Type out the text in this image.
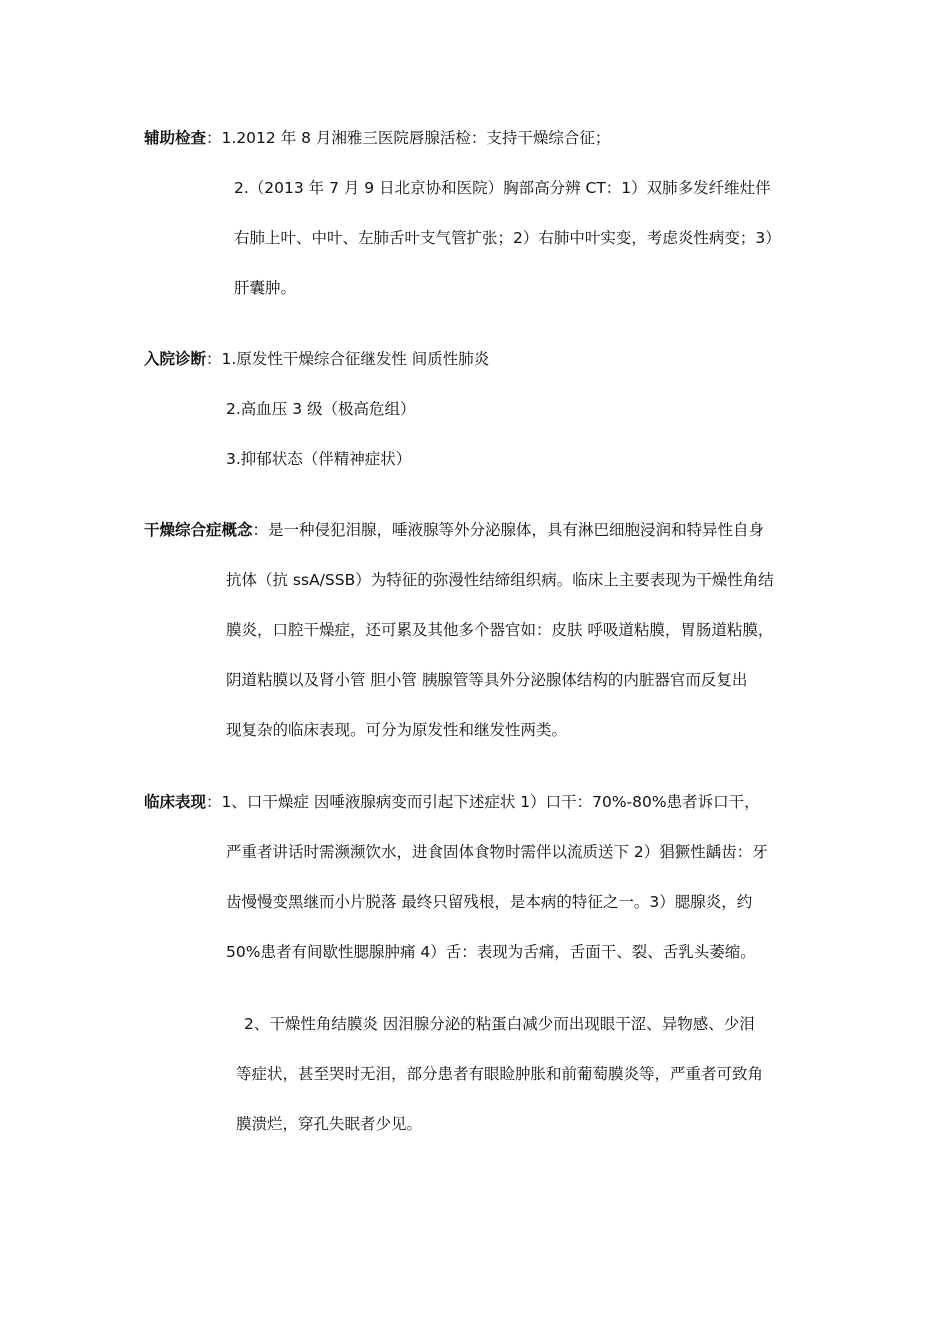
辅助检查：1.2012 年 8 月湘雅三医院唇腺活检：支持干燥综合征；
2.（2013 年 7 月 9 日北京协和医院）胸部高分辨 CT：1）双肺多发纤维灶伴
右肺上叶、中叶、左肺舌叶支气管扩张；2）右肺中叶实变，考虑炎性病变；3）
肝囊肿。
入院诊断：1.原发性干燥综合征继发性 间质性肺炎
2.高血压 3 级（极高危组）
3.抑郁状态（伴精神症状）
干燥综合症概念：是一种侵犯泪腺，唾液腺等外分泌腺体，具有淋巴细胞浸润和特异性自身
抗体（抗 ssA/SSB）为特征的弥漫性结缔组织病。临床上主要表现为干燥性角结
膜炎，口腔干燥症，还可累及其他多个器官如：皮肤 呼吸道粘膜，胃肠道粘膜，
阴道粘膜以及肾小管 胆小管 胰腺管等具外分泌腺体结构的内脏器官而反复出
现复杂的临床表现。可分为原发性和继发性两类。
临床表现：1、口干燥症 因唾液腺病变而引起下述症状 1）口干：70%-80%患者诉口干，
严重者讲话时需濒濒饮水，进食固体食物时需伴以流质送下 2）猖獗性龋齿：牙
齿慢慢变黑继而小片脱落 最终只留残根，是本病的特征之一。3）腮腺炎，约
50%患者有间歇性腮腺肿痛 4）舌：表现为舌痛，舌面干、裂、舌乳头萎缩。
2、干燥性角结膜炎 因泪腺分泌的粘蛋白减少而出现眼干涩、异物感、少泪
等症状，甚至哭时无泪，部分患者有眼睑肿胀和前葡萄膜炎等，严重者可致角
膜溃烂，穿孔失眠者少见。
